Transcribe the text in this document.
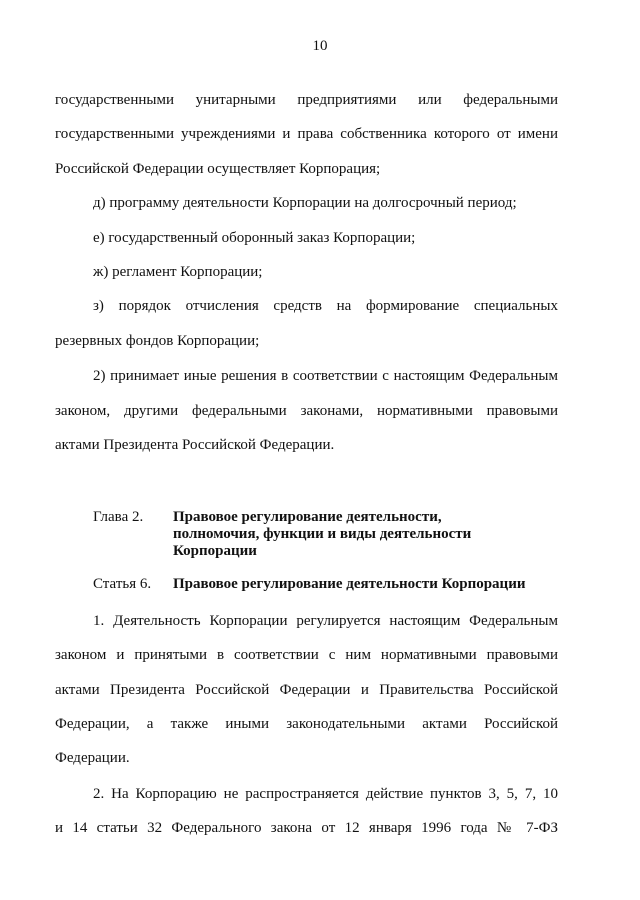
10
государственными унитарными предприятиями или федеральными
государственными учреждениями и права собственника которого от имени
Российской Федерации осуществляет Корпорация;
д) программу деятельности Корпорации на долгосрочный период;
е) государственный оборонный заказ Корпорации;
ж) регламент Корпорации;
з) порядок отчисления средств на формирование специальных
резервных фондов Корпорации;
2) принимает иные решения в соответствии с настоящим Федеральным
законом, другими федеральными законами, нормативными правовыми
актами Президента Российской Федерации.
Глава 2.	Правовое регулирование деятельности,
полномочия, функции и виды деятельности
Корпорации
Статья 6.	Правовое регулирование деятельности Корпорации
1. Деятельность Корпорации регулируется настоящим Федеральным
законом и принятыми в соответствии с ним нормативными правовыми
актами Президента Российской Федерации и Правительства Российской
Федерации, а также иными законодательными актами Российской
Федерации.
2. На Корпорацию не распространяется действие пунктов 3, 5, 7, 10
и 14 статьи 32 Федерального закона от 12 января 1996 года № 7-ФЗ
